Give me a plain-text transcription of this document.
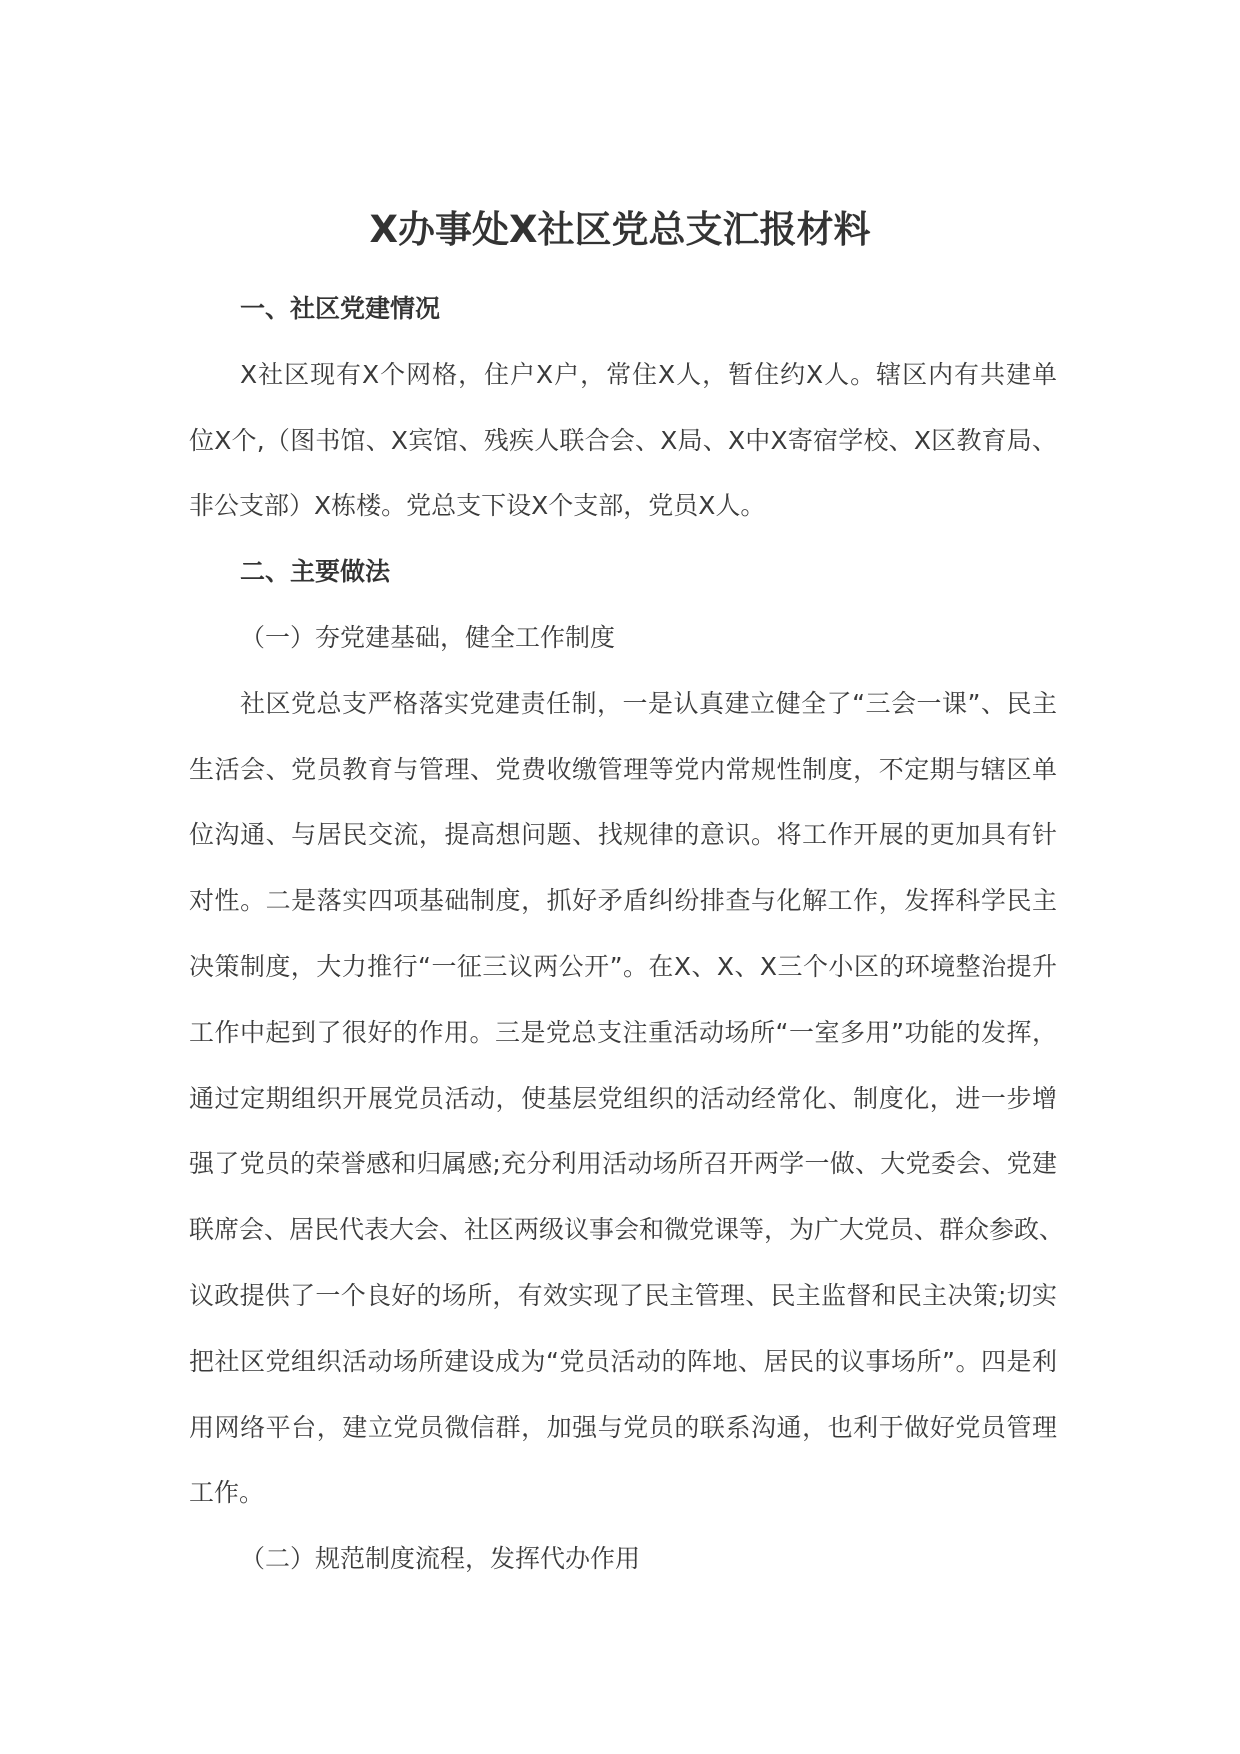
X办事处X社区党总支汇报材料
一、社区党建情况
X社区现有X个网格，住户X户，常住X人，暂住约X人。辖区内有共建单
位X个,（图书馆、X宾馆、残疾人联合会、X局、X中X寄宿学校、X区教育局、
非公支部）X栋楼。党总支下设X个支部，党员X人。
二、主要做法
（一）夯党建基础，健全工作制度
社区党总支严格落实党建责任制，一是认真建立健全了“三会一课”、民主
生活会、党员教育与管理、党费收缴管理等党内常规性制度，不定期与辖区单
位沟通、与居民交流，提高想问题、找规律的意识。将工作开展的更加具有针
对性。二是落实四项基础制度，抓好矛盾纠纷排查与化解工作，发挥科学民主
决策制度，大力推行“一征三议两公开”。在X、X、X三个小区的环境整治提升
工作中起到了很好的作用。三是党总支注重活动场所“一室多用”功能的发挥，
通过定期组织开展党员活动，使基层党组织的活动经常化、制度化，进一步增
强了党员的荣誉感和归属感;充分利用活动场所召开两学一做、大党委会、党建
联席会、居民代表大会、社区两级议事会和微党课等，为广大党员、群众参政、
议政提供了一个良好的场所，有效实现了民主管理、民主监督和民主决策;切实
把社区党组织活动场所建设成为“党员活动的阵地、居民的议事场所”。四是利
用网络平台，建立党员微信群，加强与党员的联系沟通，也利于做好党员管理
工作。
（二）规范制度流程，发挥代办作用
